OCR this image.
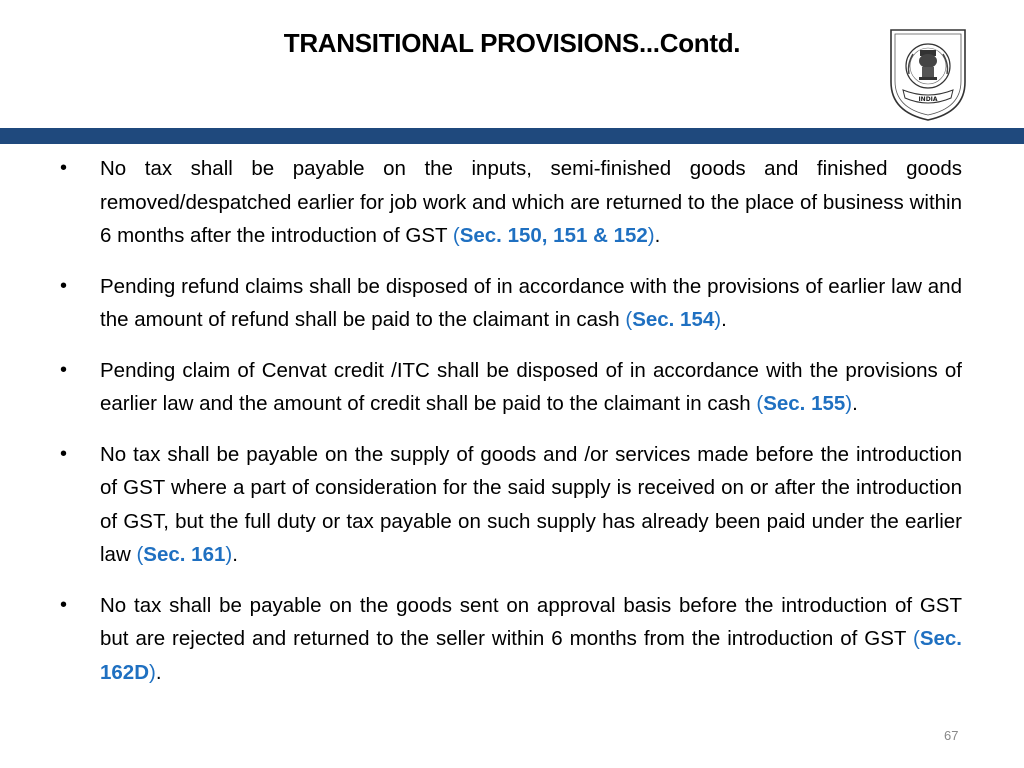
TRANSITIONAL PROVISIONS...Contd.
INDIA
• No tax shall be payable on the inputs, semi-finished goods and finished goods removed/despatched earlier for job work and which are returned to the place of business within 6 months after the introduction of GST (Sec. 150, 151 & 152).
• Pending refund claims shall be disposed of in accordance with the provisions of earlier law and the amount of refund shall be paid to the claimant in cash (Sec. 154).
• Pending claim of Cenvat credit /ITC shall be disposed of in accordance with the provisions of earlier law and the amount of credit shall be paid to the claimant in cash (Sec. 155).
• No tax shall be payable on the supply of goods and /or services made before the introduction of GST where a part of consideration for the said supply is received on or after the introduction of GST, but the full duty or tax payable on such supply has already been paid under the earlier law (Sec. 161).
• No tax shall be payable on the goods sent on approval basis before the introduction of GST but are rejected and returned to the seller within 6 months from the introduction of GST (Sec. 162D).
67
